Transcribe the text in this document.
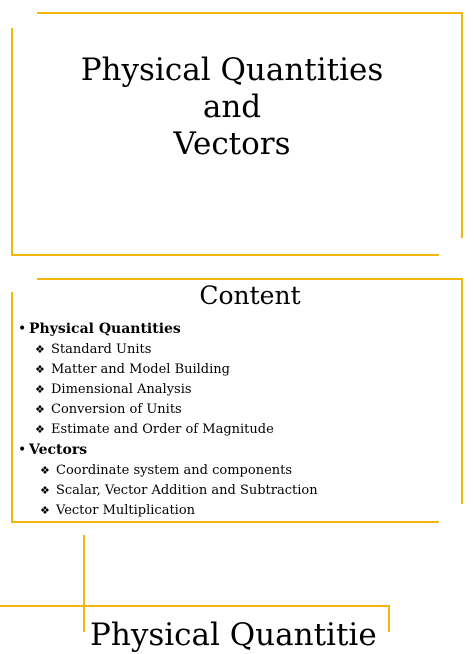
Physical Quantities
and
Vectors
Content
• Physical Quantities
❖ Standard Units
❖ Matter and Model Building
❖ Dimensional Analysis
❖ Conversion of Units
❖ Estimate and Order of Magnitude
• Vectors
❖ Coordinate system and components
❖ Scalar, Vector Addition and Subtraction
❖ Vector Multiplication
Physical Quantitie
